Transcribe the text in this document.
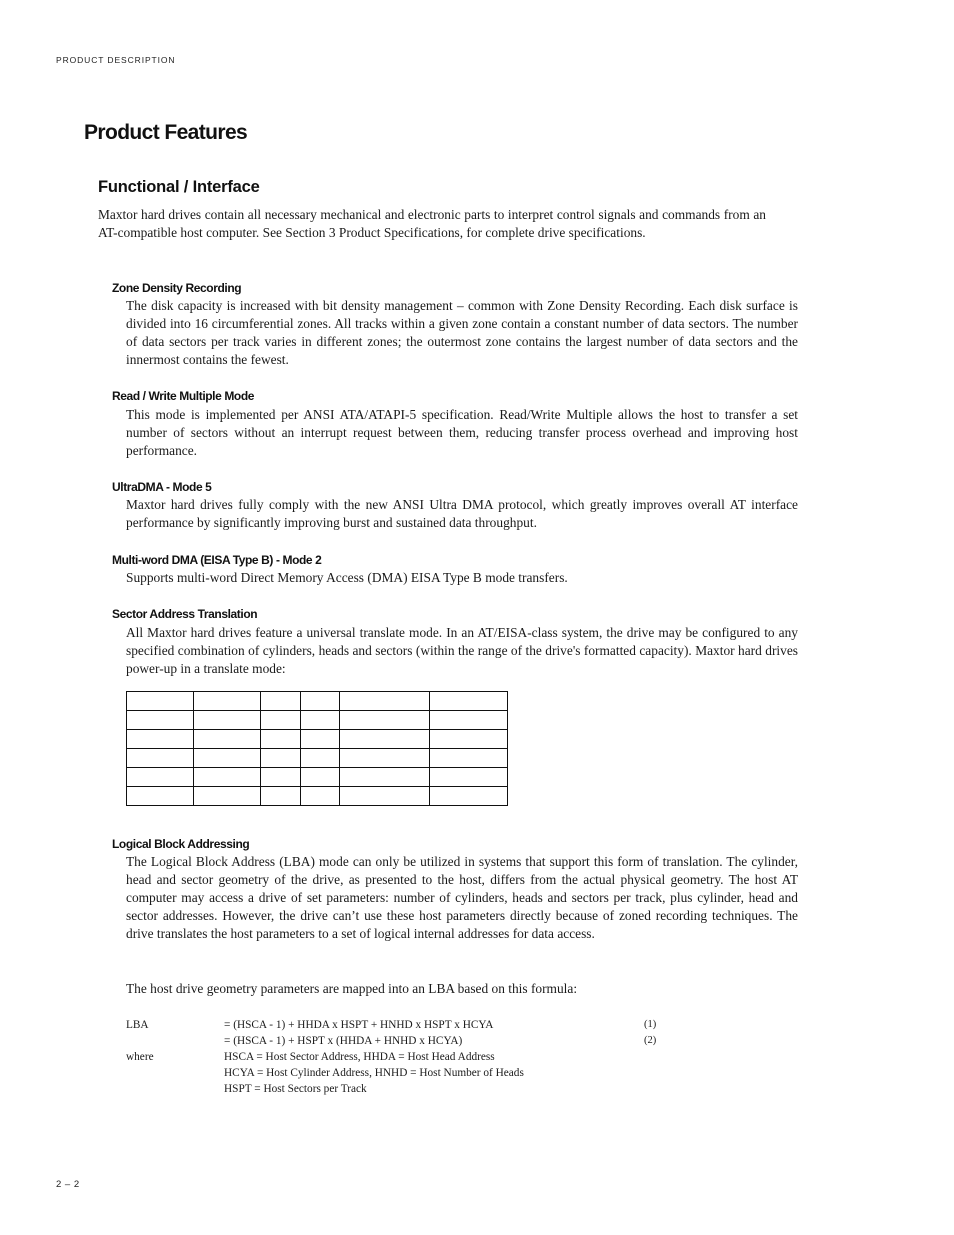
PRODUCT DESCRIPTION
Product Features
Functional / Interface

Maxtor hard drives contain all necessary mechanical and electronic parts to interpret control signals and commands from an AT-compatible host computer. See Section 3 Product Specifications, for complete drive specifications.

Zone Density Recording

The disk capacity is increased with bit density management – common with Zone Density Recording. Each disk surface is divided into 16 circumferential zones. All tracks within a given zone contain a constant number of data sectors. The number of data sectors per track varies in different zones; the outermost zone contains the largest number of data sectors and the innermost contains the fewest.

Read / Write Multiple Mode

This mode is implemented per ANSI ATA/ATAPI-5 specification. Read/Write Multiple allows the host to transfer a set number of sectors without an interrupt request between them, reducing transfer process overhead and improving host performance.

UltraDMA - Mode 5

Maxtor hard drives fully comply with the new ANSI Ultra DMA protocol, which greatly improves overall AT interface performance by significantly improving burst and sustained data throughput.

Multi-word DMA (EISA Type B) - Mode 2

Supports multi-word Direct Memory Access (DMA) EISA Type B mode transfers.

Sector Address Translation

All Maxtor hard drives feature a universal translate mode. In an AT/EISA-class system, the drive may be configured to any specified combination of cylinders, heads and sectors (within the range of the drive's formatted capacity). Maxtor hard drives power-up in a translate mode:

Logical Block Addressing

The Logical Block Address (LBA) mode can only be utilized in systems that support this form of translation. The cylinder, head and sector geometry of the drive, as presented to the host, differs from the actual physical geometry. The host AT computer may access a drive of set parameters: number of cylinders, heads and sectors per track, plus cylinder, head and sector addresses. However, the drive can’t use these host parameters directly because of zoned recording techniques. The drive translates the host parameters to a set of logical internal addresses for data access.

The host drive geometry parameters are mapped into an LBA based on this formula:

LBA	= (HSCA - 1) + HHDA x HSPT + HNHD x HSPT x HCYA	(1)
= (HSCA - 1) + HSPT x (HHDA + HNHD x HCYA)	(2)
where	HSCA = Host Sector Address, HHDA = Host Head Address
HCYA = Host Cylinder Address, HNHD = Host Number of Heads
HSPT = Host Sectors per Track
2 – 2
